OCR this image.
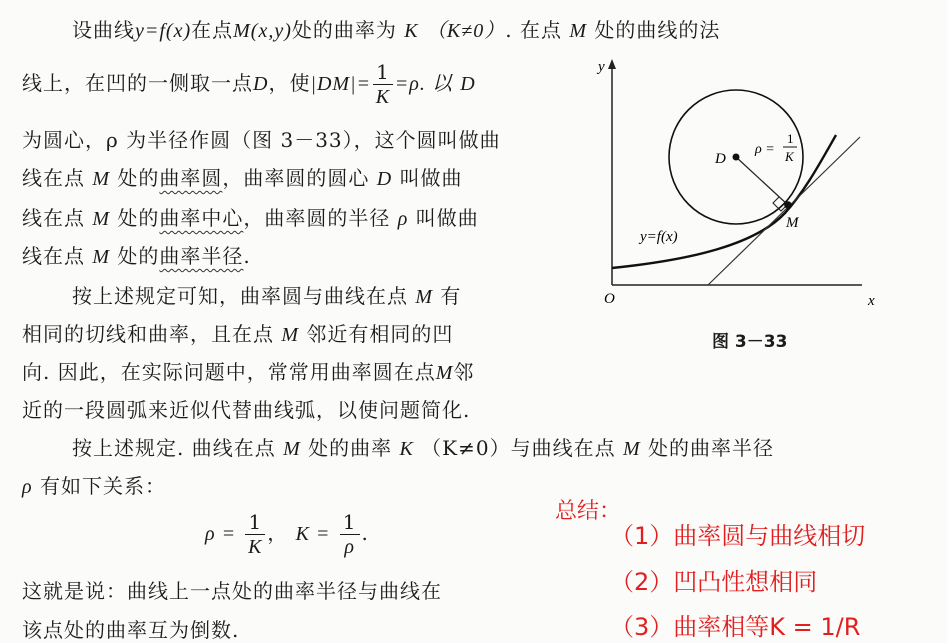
设曲线y=f(x)在点M(x,y)处的曲率为 K （K≠0）. 在点 M 处的曲线的法
线上，在凹的一侧取一点D，使$|DM|= \frac{1}{K} =\rho$. 以 D
为圆心，ρ 为半径作圆（图 3－33），这个圆叫做曲
线在点 M 处的曲率圆，曲率圆的圆心 D 叫做曲
线在点 M 处的曲率中心，曲率圆的半径 ρ 叫做曲
线在点 M 处的曲率半径.
按上述规定可知，曲率圆与曲线在点 M 有
相同的切线和曲率，且在点 M 邻近有相同的凹
向. 因此，在实际问题中，常常用曲率圆在点M邻
近的一段圆弧来近似代替曲线弧，以使问题简化.
按上述规定. 曲线在点 M 处的曲率 K （K≠0）与曲线在点 M 处的曲率半径
ρ 有如下关系：
$\rho = \frac{1}{K}$ ， $K = \frac{1}{\rho}$ .
这就是说：曲线上一点处的曲率半径与曲线在
该点处的曲率互为倒数.
y
x
O
D
M
ρ =
1
K
y=f(x)
图 3－33
总结：
（1）曲率圆与曲线相切
（2）凹凸性想相同
（3）曲率相等K = 1/R
